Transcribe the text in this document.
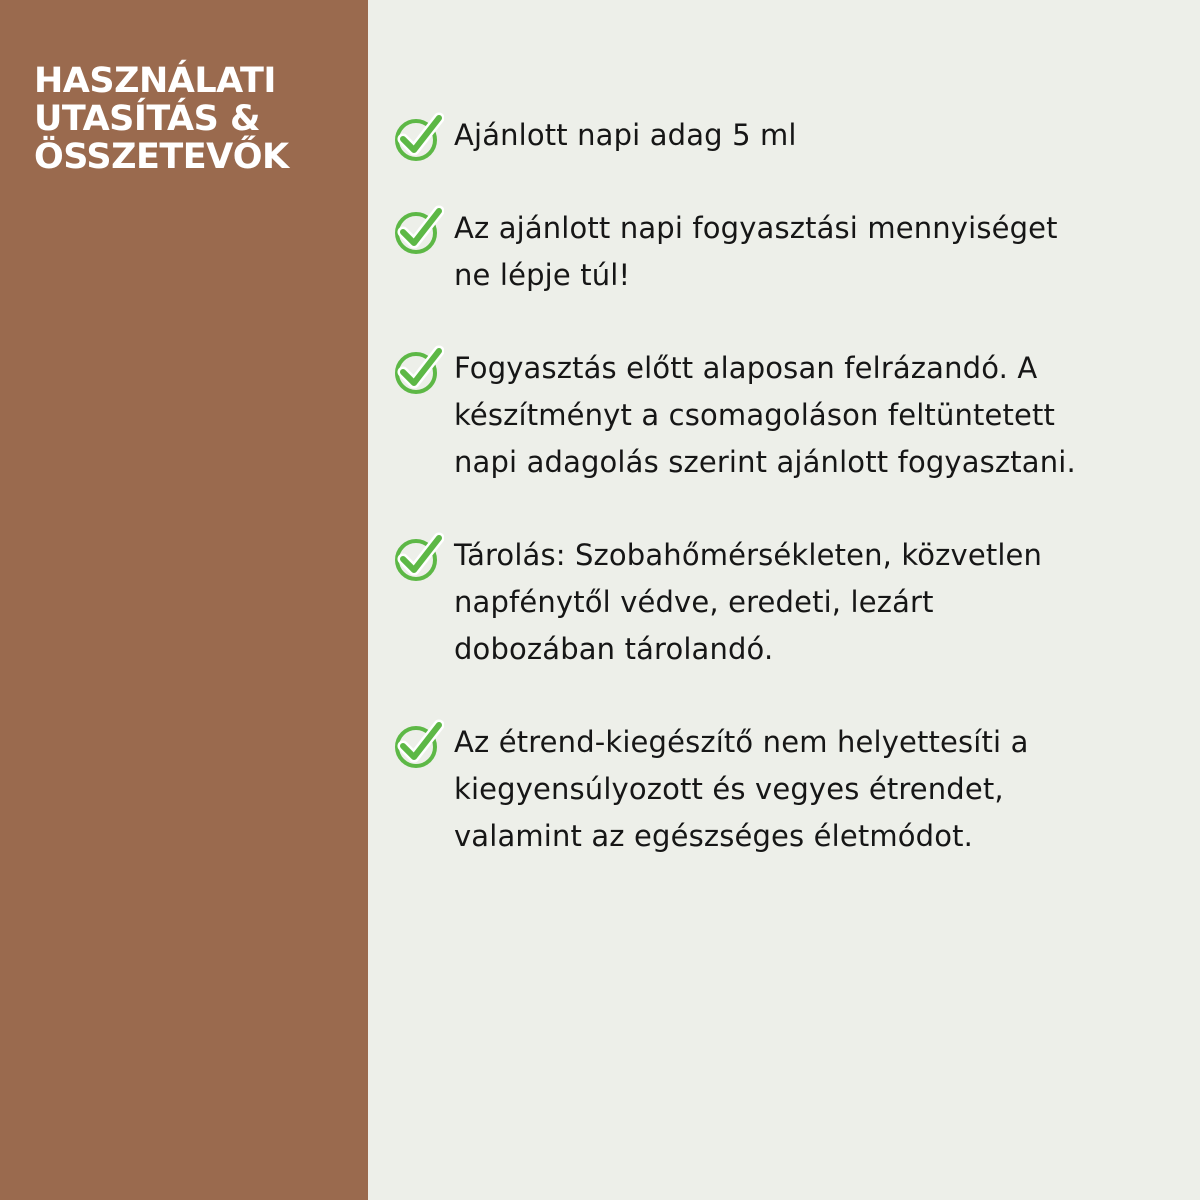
HASZNÁLATI
UTASÍTÁS &
ÖSSZETEVŐK

Ajánlott napi adag 5 ml

Az ajánlott napi fogyasztási mennyiséget
ne lépje túl!

Fogyasztás előtt alaposan felrázandó. A
készítményt a csomagoláson feltüntetett
napi adagolás szerint ajánlott fogyasztani.

Tárolás: Szobahőmérsékleten, közvetlen
napfénytől védve, eredeti, lezárt
dobozában tárolandó.

Az étrend-kiegészítő nem helyettesíti a
kiegyensúlyozott és vegyes étrendet,
valamint az egészséges életmódot.
